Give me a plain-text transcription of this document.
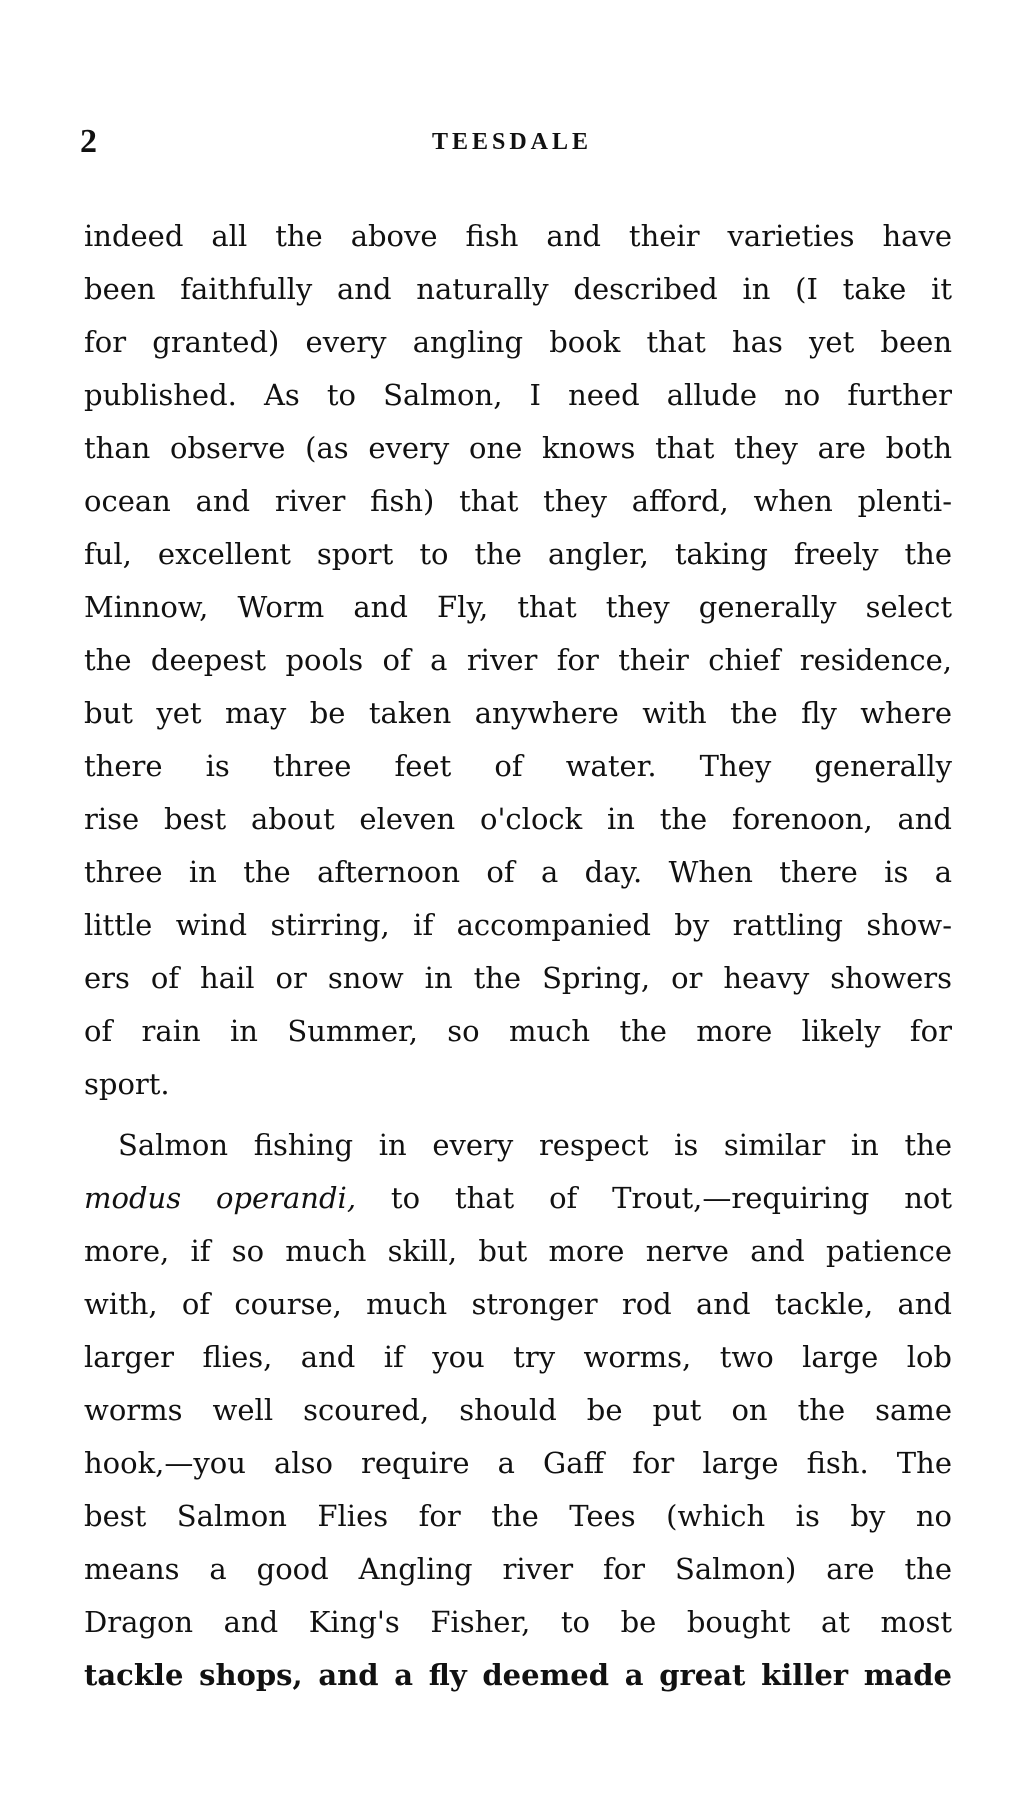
2	TEESDALE
indeed all the above fish and their varieties have
been faithfully and naturally described in (I take it
for granted) every angling book that has yet been
published. As to Salmon, I need allude no further
than observe (as every one knows that they are both
ocean and river fish) that they afford, when plenti-
ful, excellent sport to the angler, taking freely the
Minnow, Worm and Fly, that they generally select
the deepest pools of a river for their chief residence,
but yet may be taken anywhere with the fly where
there is three feet of water. They generally
rise best about eleven o'clock in the forenoon, and
three in the afternoon of a day. When there is a
little wind stirring, if accompanied by rattling show-
ers of hail or snow in the Spring, or heavy showers
of rain in Summer, so much the more likely for
sport.
Salmon fishing in every respect is similar in the
modus operandi, to that of Trout,—requiring not
more, if so much skill, but more nerve and patience
with, of course, much stronger rod and tackle, and
larger flies, and if you try worms, two large lob
worms well scoured, should be put on the same
hook,—you also require a Gaff for large fish. The
best Salmon Flies for the Tees (which is by no
means a good Angling river for Salmon) are the
Dragon and King's Fisher, to be bought at most
tackle shops, and a fly deemed a great killer made
